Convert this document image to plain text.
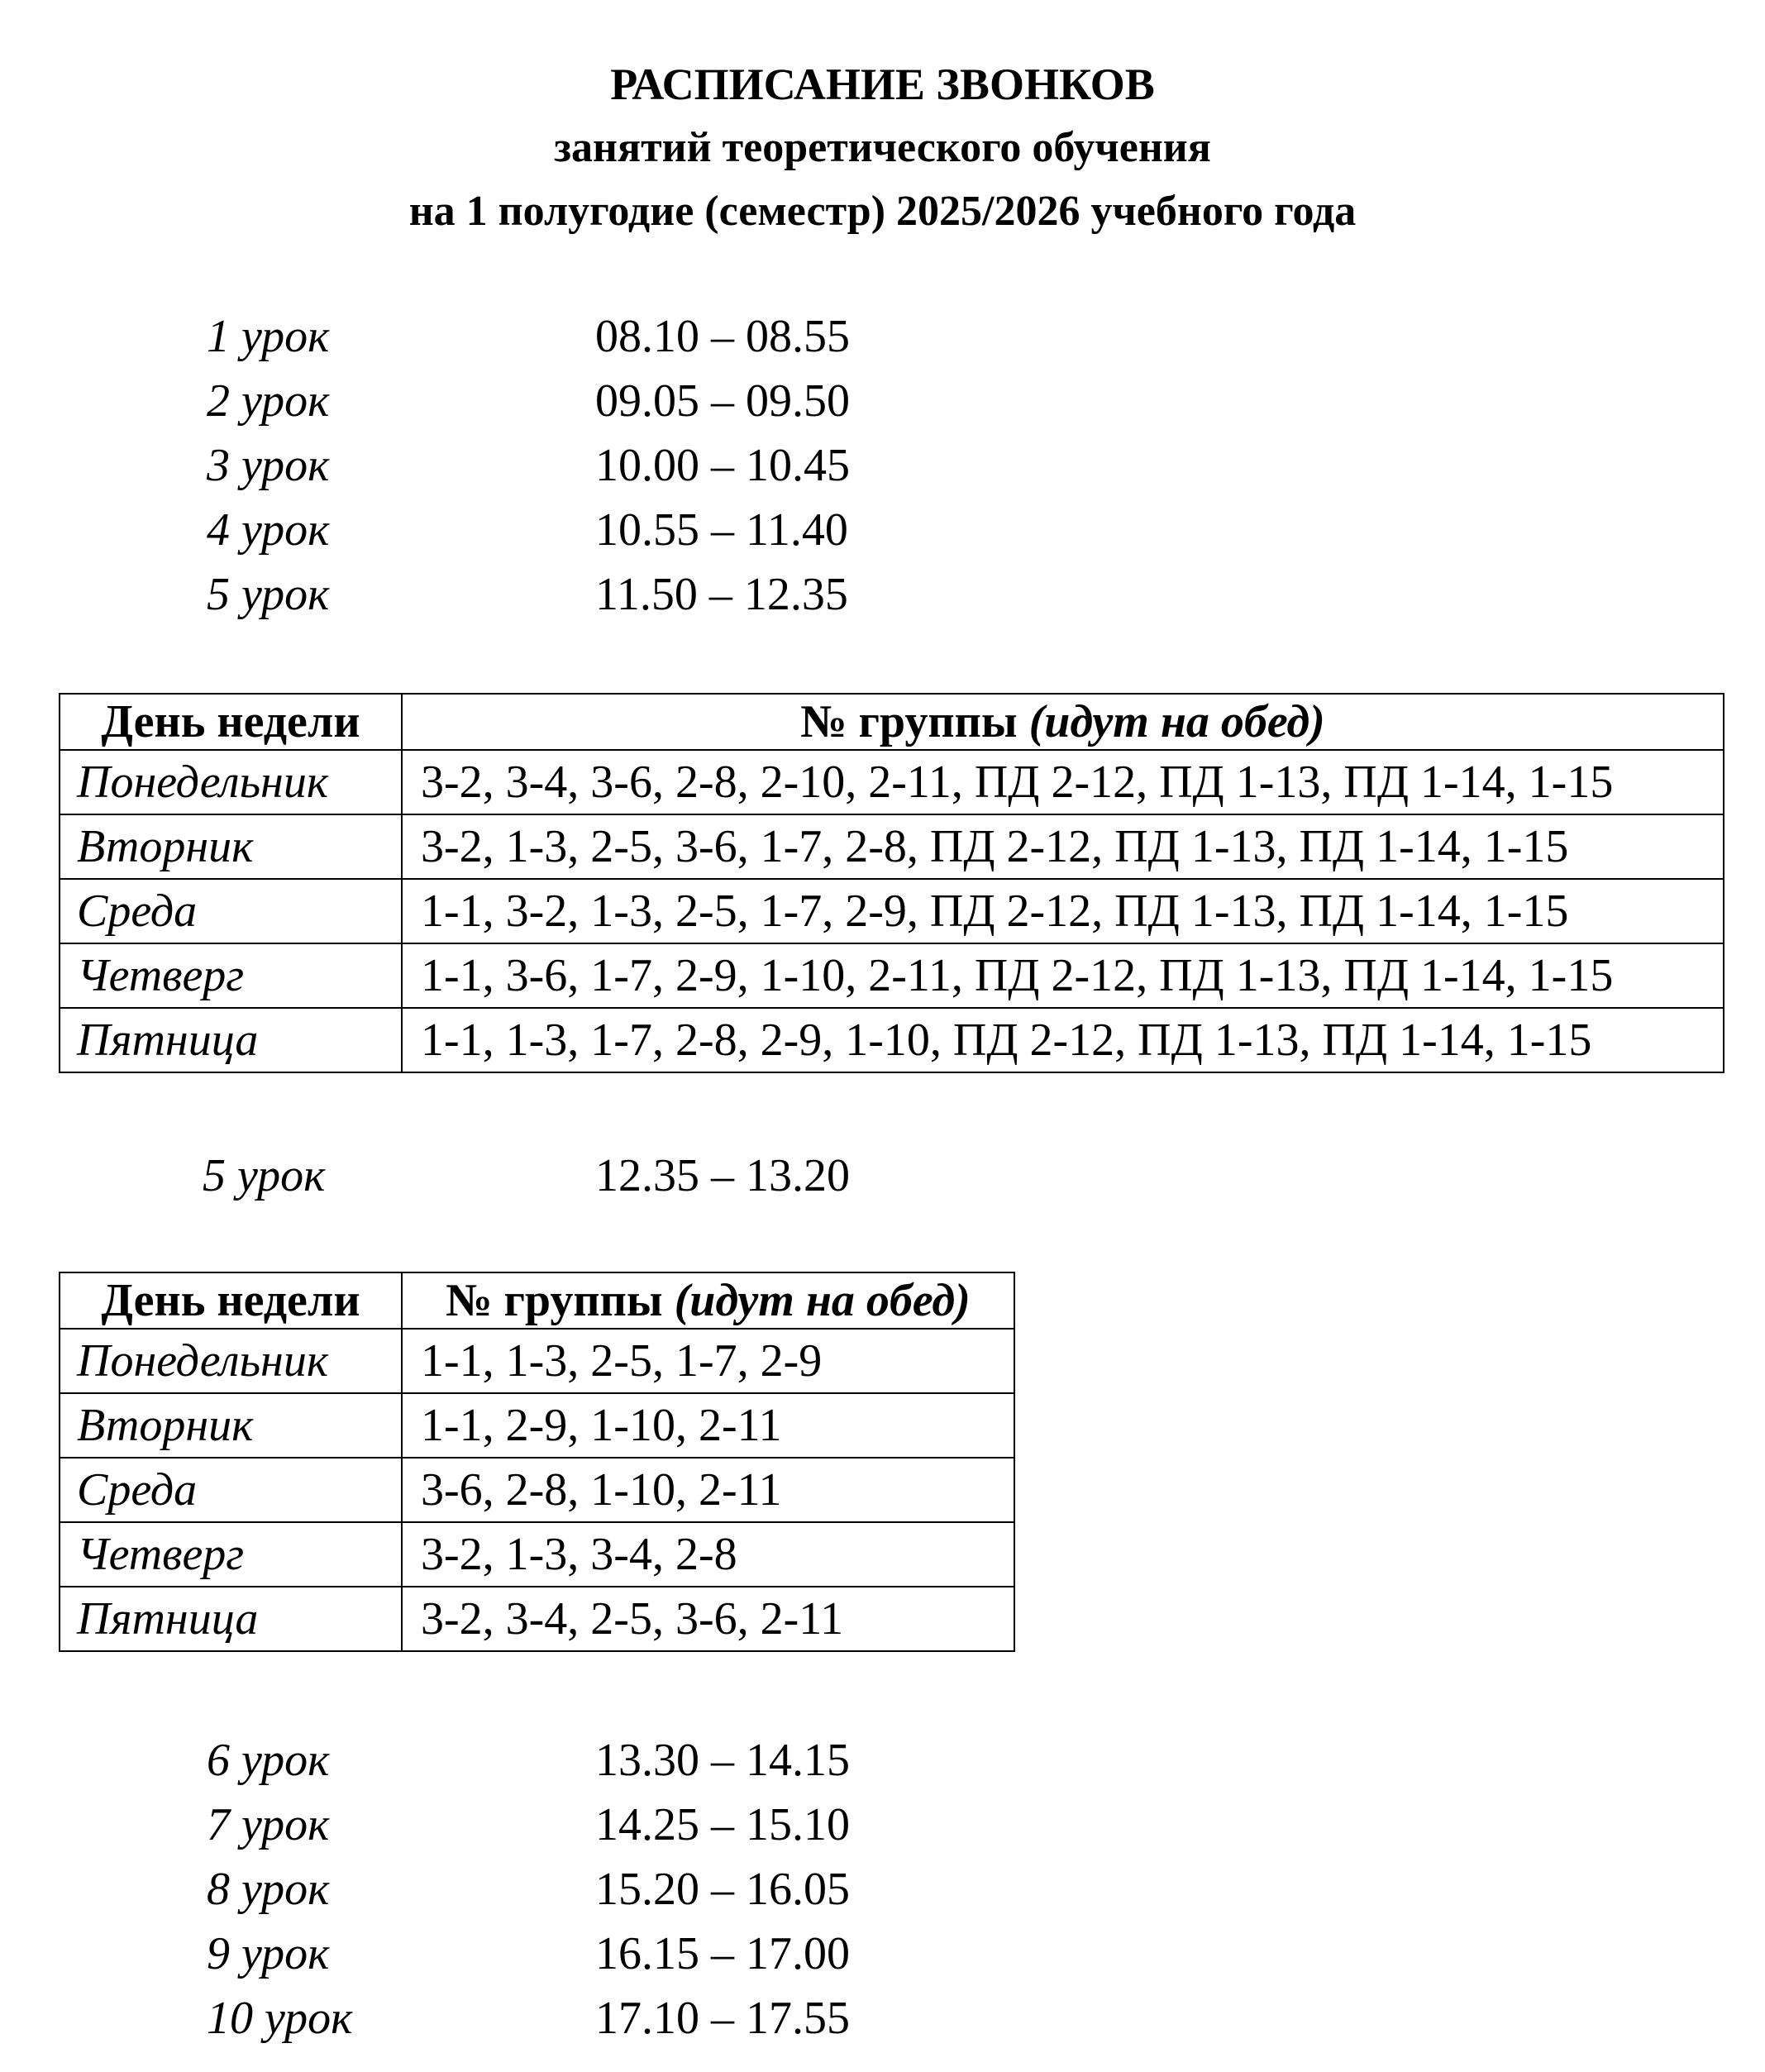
РАСПИСАНИЕ ЗВОНКОВ
занятий теоретического обучения
на 1 полугодие (семестр) 2025/2026 учебного года
1 урок	08.10 – 08.55
2 урок	09.05 – 09.50
3 урок	10.00 – 10.45
4 урок	10.55 – 11.40
5 урок	11.50 – 12.35
День недели	№ группы (идут на обед)
Понедельник	3-2, 3-4, 3-6, 2-8, 2-10, 2-11, ПД 2-12, ПД 1-13, ПД 1-14, 1-15
Вторник	3-2, 1-3, 2-5, 3-6, 1-7, 2-8, ПД 2-12, ПД 1-13, ПД 1-14, 1-15
Среда	1-1, 3-2, 1-3, 2-5, 1-7, 2-9, ПД 2-12, ПД 1-13, ПД 1-14, 1-15
Четверг	1-1, 3-6, 1-7, 2-9, 1-10, 2-11, ПД 2-12, ПД 1-13, ПД 1-14, 1-15
Пятница	1-1, 1-3, 1-7, 2-8, 2-9, 1-10, ПД 2-12, ПД 1-13, ПД 1-14, 1-15
5 урок	12.35 – 13.20
День недели	№ группы (идут на обед)
Понедельник	1-1, 1-3, 2-5, 1-7, 2-9
Вторник	1-1, 2-9, 1-10, 2-11
Среда	3-6, 2-8, 1-10, 2-11
Четверг	3-2, 1-3, 3-4, 2-8
Пятница	3-2, 3-4, 2-5, 3-6, 2-11
6 урок	13.30 – 14.15
7 урок	14.25 – 15.10
8 урок	15.20 – 16.05
9 урок	16.15 – 17.00
10 урок	17.10 – 17.55
